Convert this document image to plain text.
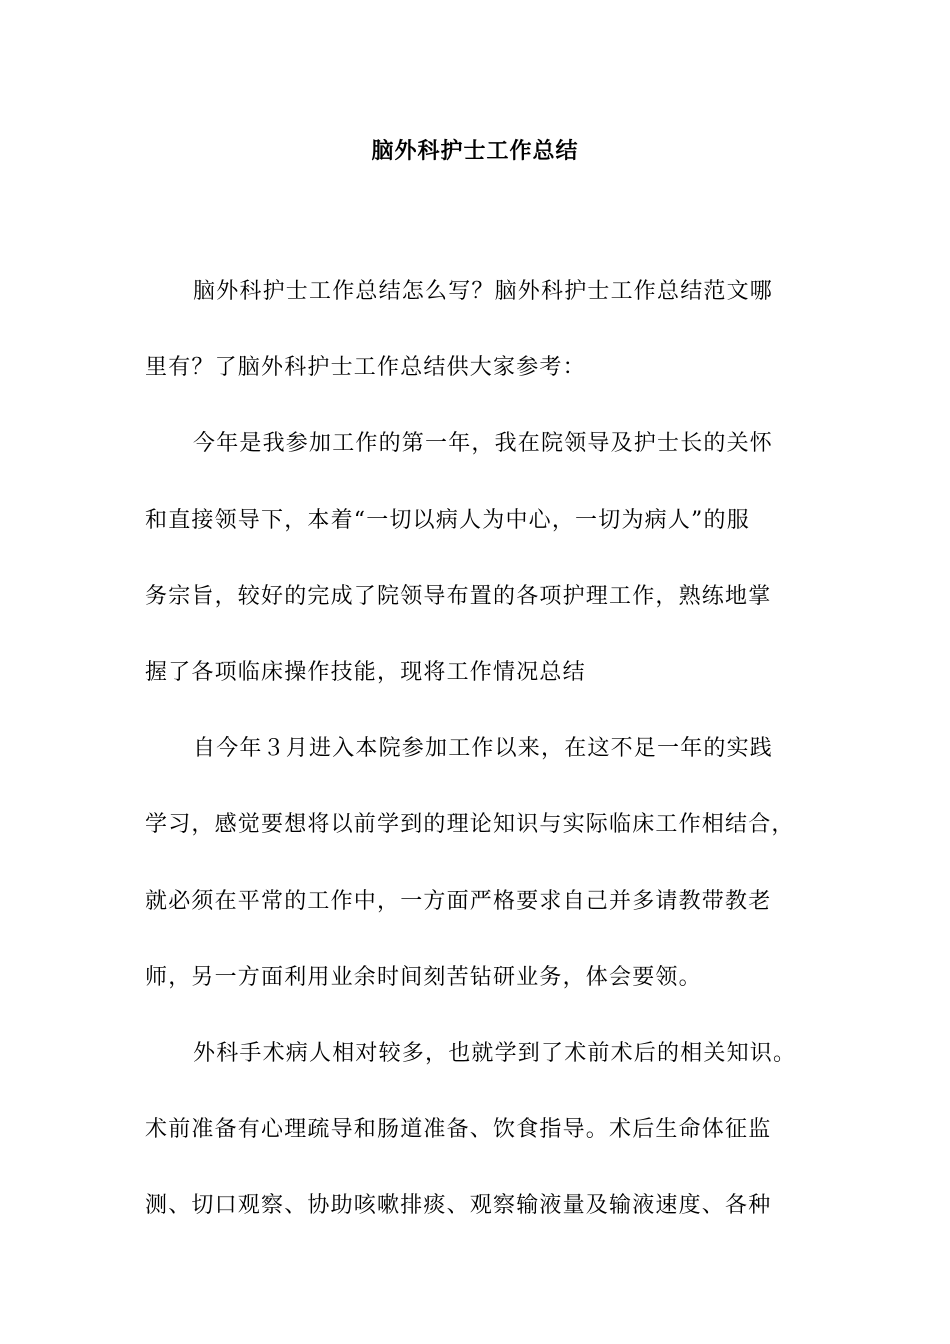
脑外科护士工作总结
脑外科护士工作总结怎么写？脑外科护士工作总结范文哪
里有？了脑外科护士工作总结供大家参考：
今年是我参加工作的第一年，我在院领导及护士长的关怀
和直接领导下，本着“一切以病人为中心，一切为病人”的服
务宗旨，较好的完成了院领导布置的各项护理工作，熟练地掌
握了各项临床操作技能，现将工作情况总结
自今年３月进入本院参加工作以来，在这不足一年的实践
学习，感觉要想将以前学到的理论知识与实际临床工作相结合，
就必须在平常的工作中，一方面严格要求自己并多请教带教老
师，另一方面利用业余时间刻苦钻研业务，体会要领。
外科手术病人相对较多，也就学到了术前术后的相关知识。
术前准备有心理疏导和肠道准备、饮食指导。术后生命体征监
测、切口观察、协助咳嗽排痰、观察输液量及输液速度、各种
